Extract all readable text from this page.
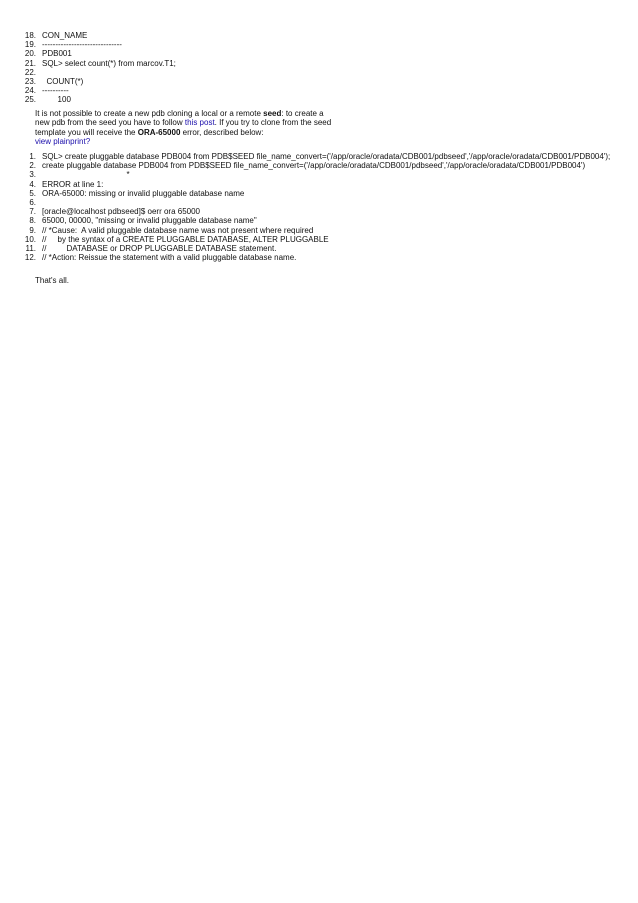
18. CON_NAME
19. ------------------------------
20. PDB001
21. SQL> select count(*) from marcov.T1;
22.
23. COUNT(*)
24. ----------
25. 100
It is not possible to create a new pdb cloning a local or a remote seed: to create a new pdb from the seed you have to follow this post. If you try to clone from the seed template you will receive the ORA-65000 error, described below:
view plainprint?
1. SQL> create pluggable database PDB004 from PDB$SEED file_name_convert=('/app/oracle/oradata/CDB001/pdbseed','/app/oracle/oradata/CDB001/PDB004');
2. create pluggable database PDB004 from PDB$SEED file_name_convert=('/app/oracle/oradata/CDB001/pdbseed','/app/oracle/oradata/CDB001/PDB004')
3. *
4. ERROR at line 1:
5. ORA-65000: missing or invalid pluggable database name
6.
7. [oracle@localhost pdbseed]$ oerr ora 65000
8. 65000, 00000, "missing or invalid pluggable database name"
9. // *Cause:  A valid pluggable database name was not present where required
10. //     by the syntax of a CREATE PLUGGABLE DATABASE, ALTER PLUGGABLE
11. //         DATABASE or DROP PLUGGABLE DATABASE statement.
12. // *Action: Reissue the statement with a valid pluggable database name.
That's all.
